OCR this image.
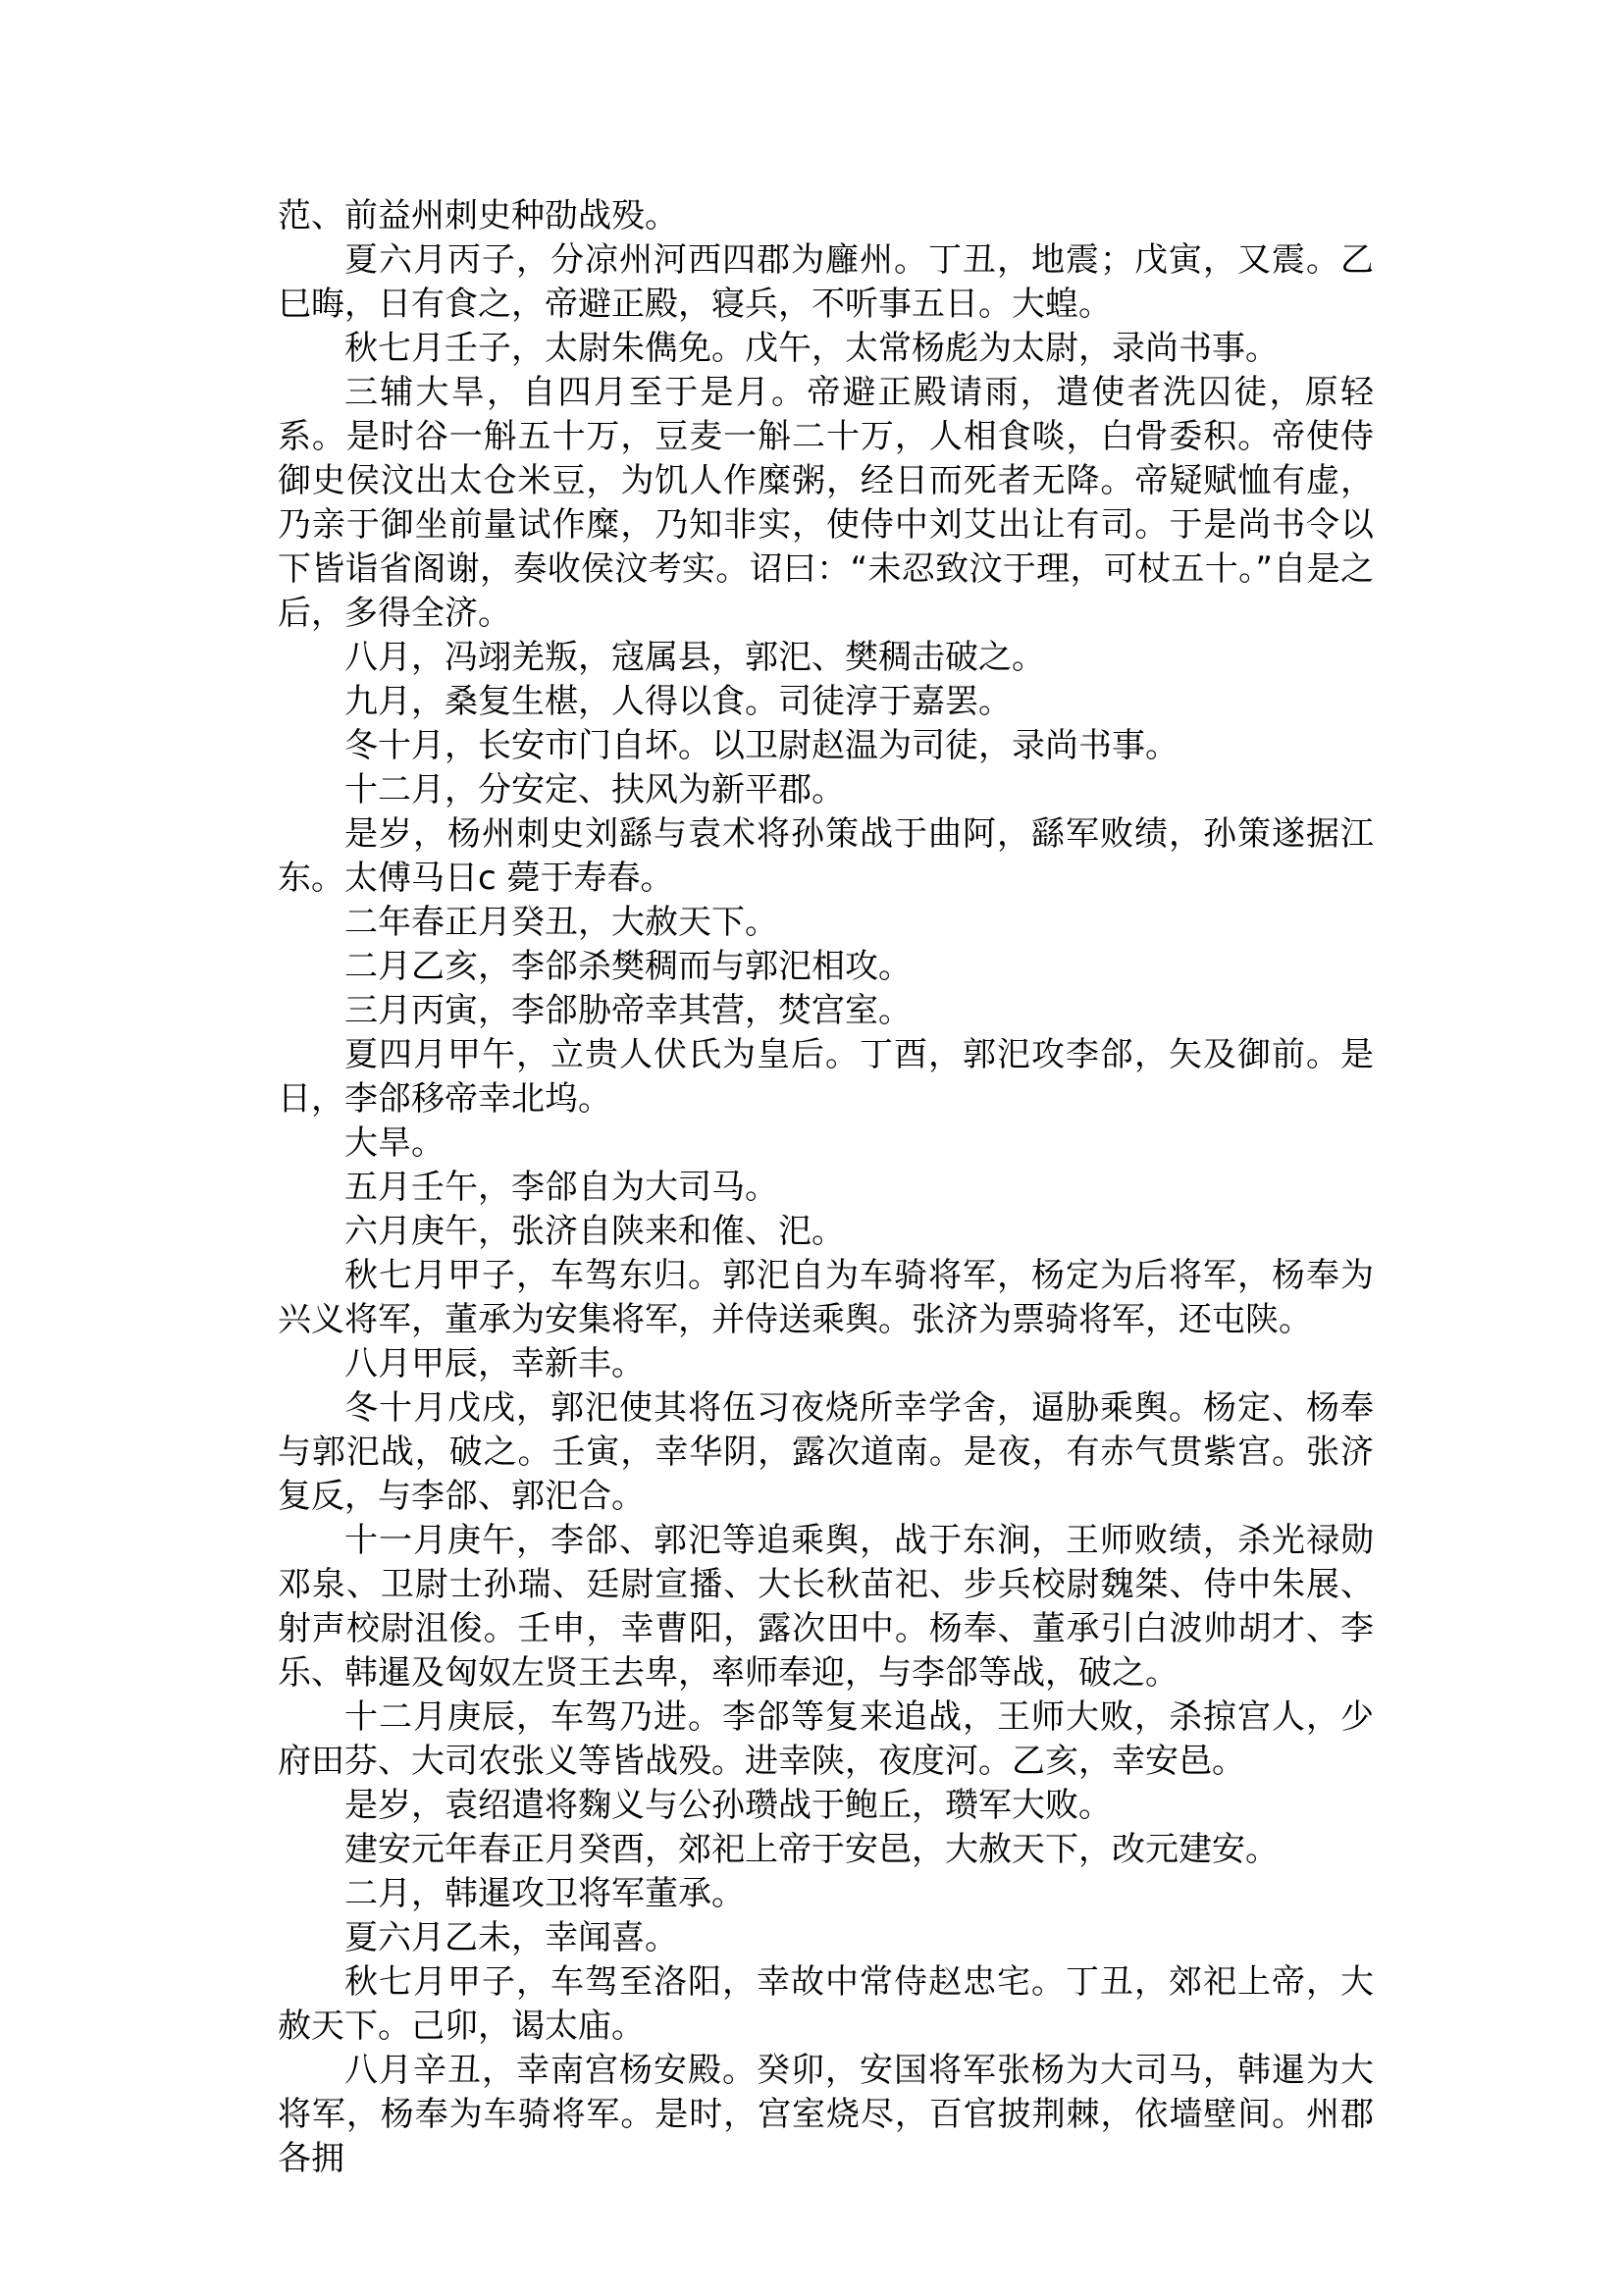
范、前益州刺史种劭战殁。

夏六月丙子，分凉州河西四郡为廱州。丁丑，地震；戊寅，又震。乙巳晦，日有食之，帝避正殿，寝兵，不听事五日。大蝗。

秋七月壬子，太尉朱儁免。戊午，太常杨彪为太尉，录尚书事。

三辅大旱，自四月至于是月。帝避正殿请雨，遣使者洗囚徒，原轻系。是时谷一斛五十万，豆麦一斛二十万，人相食啖，白骨委积。帝使侍御史侯汶出太仓米豆，为饥人作糜粥，经日而死者无降。帝疑赋恤有虚，乃亲于御坐前量试作糜，乃知非实，使侍中刘艾出让有司。于是尚书令以下皆诣省阁谢，奏收侯汶考实。诏曰：“未忍致汶于理，可杖五十。”自是之后，多得全济。

八月，冯翊羌叛，寇属县，郭汜、樊稠击破之。

九月，桑复生椹，人得以食。司徒淳于嘉罢。

冬十月，长安市门自坏。以卫尉赵温为司徒，录尚书事。

十二月，分安定、扶风为新平郡。

是岁，杨州刺史刘繇与袁术将孙策战于曲阿，繇军败绩，孙策遂据江东。太傅马日c 薨于寿春。

二年春正月癸丑，大赦天下。

二月乙亥，李郃杀樊稠而与郭汜相攻。

三月丙寅，李郃胁帝幸其营，焚宫室。

夏四月甲午，立贵人伏氏为皇后。丁酉，郭汜攻李郃，矢及御前。是日，李郃移帝幸北坞。

大旱。

五月壬午，李郃自为大司马。

六月庚午，张济自陕来和傕、汜。

秋七月甲子，车驾东归。郭汜自为车骑将军，杨定为后将军，杨奉为兴义将军，董承为安集将军，并侍送乘舆。张济为票骑将军，还屯陕。

八月甲辰，幸新丰。

冬十月戊戌，郭汜使其将伍习夜烧所幸学舍，逼胁乘舆。杨定、杨奉与郭汜战，破之。壬寅，幸华阴，露次道南。是夜，有赤气贯紫宫。张济复反，与李郃、郭汜合。

十一月庚午，李郃、郭汜等追乘舆，战于东涧，王师败绩，杀光禄勋邓泉、卫尉士孙瑞、廷尉宣播、大长秋苗祀、步兵校尉魏桀、侍中朱展、射声校尉沮俊。壬申，幸曹阳，露次田中。杨奉、董承引白波帅胡才、李乐、韩暹及匈奴左贤王去卑，率师奉迎，与李郃等战，破之。

十二月庚辰，车驾乃进。李郃等复来追战，王师大败，杀掠宫人，少府田芬、大司农张义等皆战殁。进幸陕，夜度河。乙亥，幸安邑。

是岁，袁绍遣将麴义与公孙瓒战于鲍丘，瓒军大败。

建安元年春正月癸酉，郊祀上帝于安邑，大赦天下，改元建安。

二月，韩暹攻卫将军董承。

夏六月乙未，幸闻喜。

秋七月甲子，车驾至洛阳，幸故中常侍赵忠宅。丁丑，郊祀上帝，大赦天下。己卯，谒太庙。

八月辛丑，幸南宫杨安殿。癸卯，安国将军张杨为大司马，韩暹为大将军，杨奉为车骑将军。是时，宫室烧尽，百官披荆棘，依墙壁间。州郡各拥
